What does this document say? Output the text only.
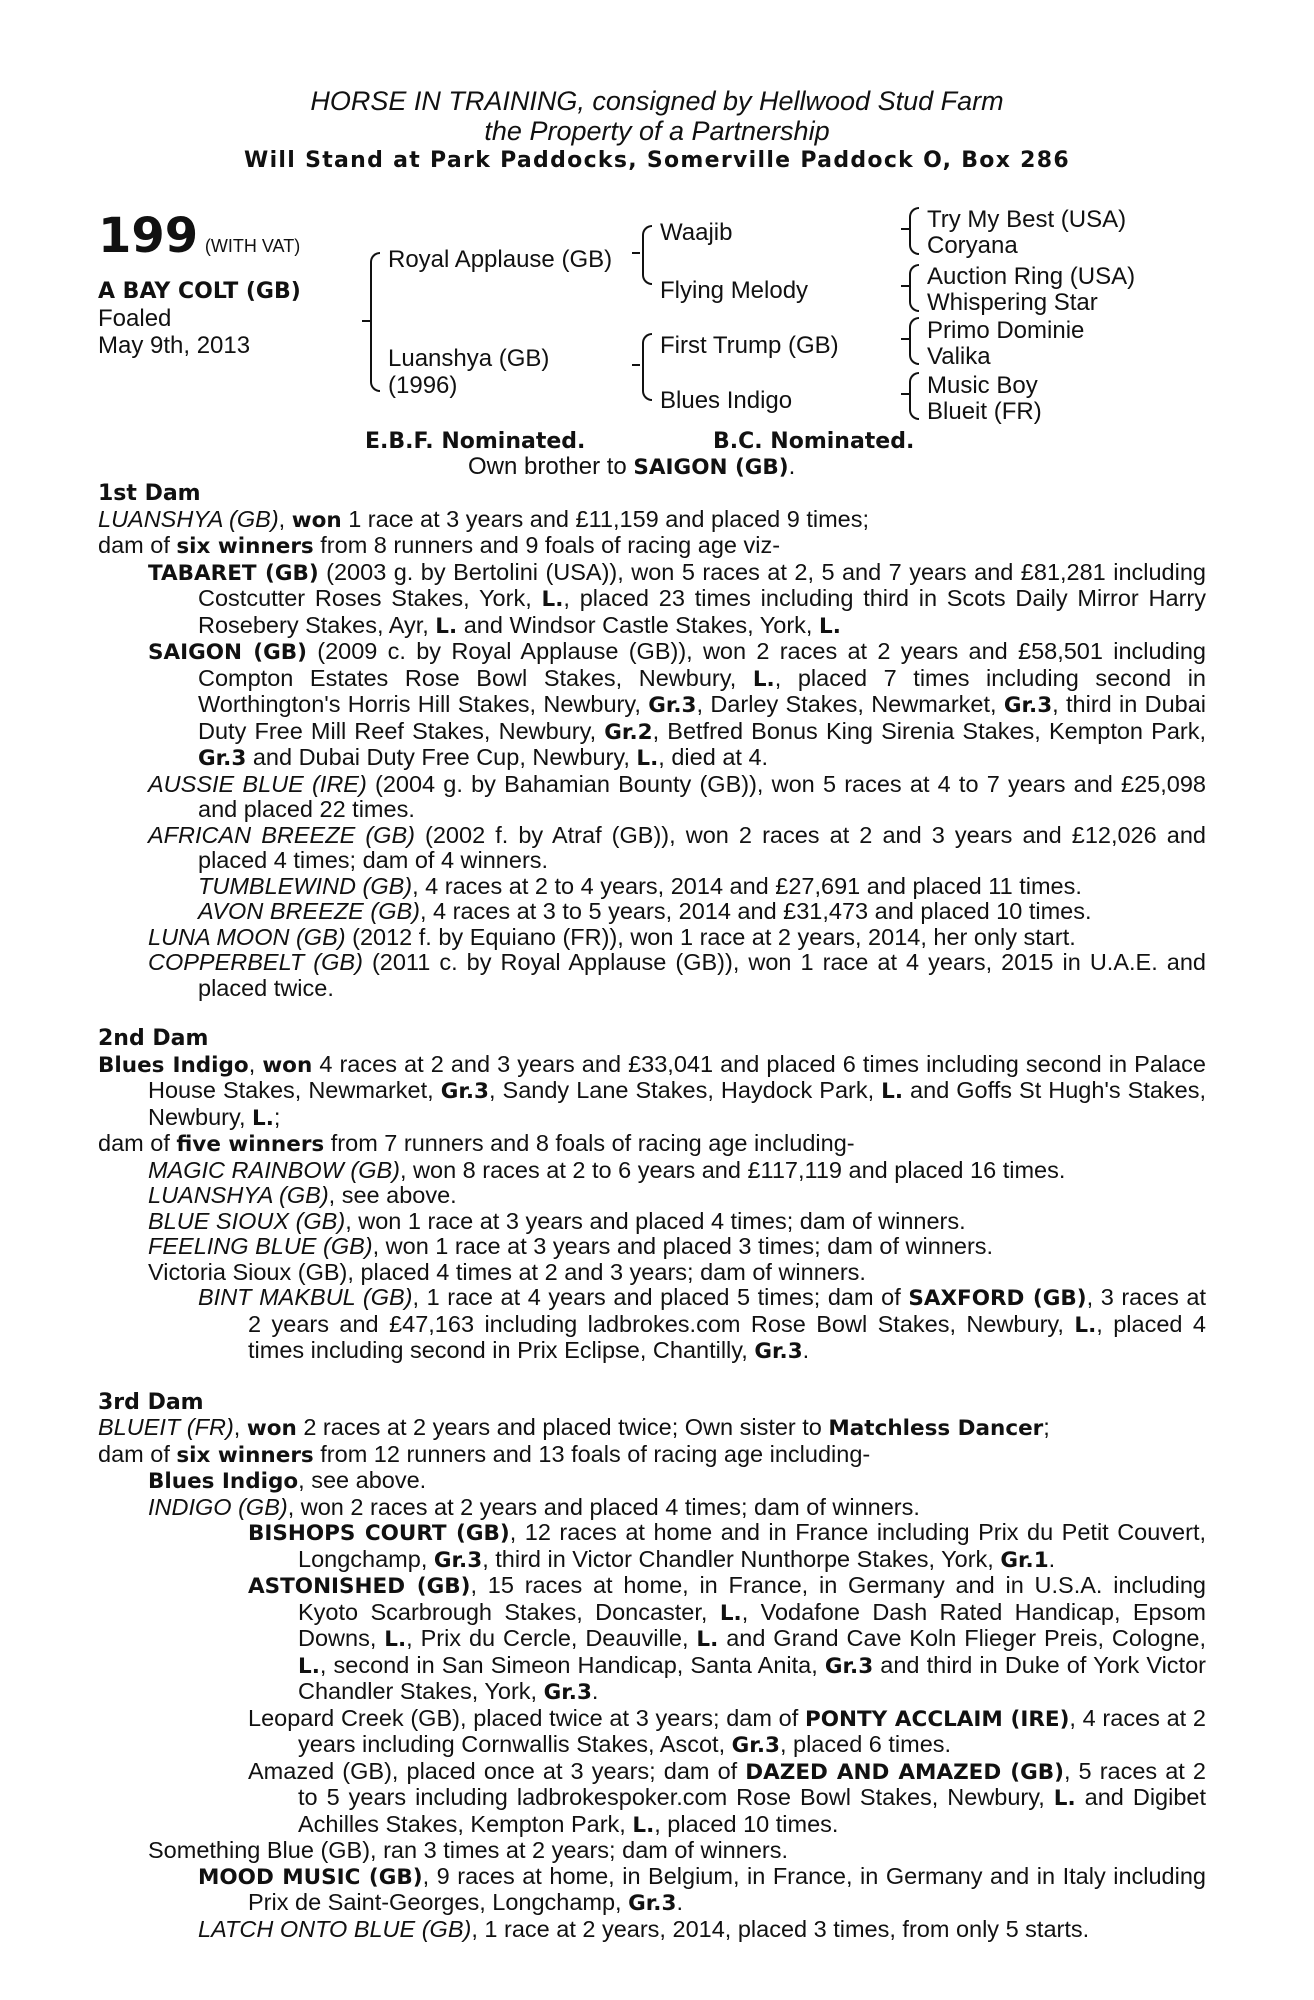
HORSE IN TRAINING, consigned by Hellwood Stud Farm
the Property of a Partnership
Will Stand at Park Paddocks, Somerville Paddock O, Box 286
199 (WITH VAT)
A BAY COLT (GB)
Foaled
May 9th, 2013
Royal Applause (GB)
Luanshya (GB)
(1996)
Waajib
Flying Melody
First Trump (GB)
Blues Indigo
Try My Best (USA)
Coryana
Auction Ring (USA)
Whispering Star
Primo Dominie
Valika
Music Boy
Blueit (FR)
E.B.F. Nominated.	B.C. Nominated.
Own brother to SAIGON (GB).

1st Dam

LUANSHYA (GB), won 1 race at 3 years and £11,159 and placed 9 times;

dam of six winners from 8 runners and 9 foals of racing age viz-

TABARET (GB) (2003 g. by Bertolini (USA)), won 5 races at 2, 5 and 7 years and £81,281 including Costcutter Roses Stakes, York, L., placed 23 times including third in Scots Daily Mirror Harry Rosebery Stakes, Ayr, L. and Windsor Castle Stakes, York, L.

SAIGON (GB) (2009 c. by Royal Applause (GB)), won 2 races at 2 years and £58,501 including Compton Estates Rose Bowl Stakes, Newbury, L., placed 7 times including second in Worthington's Horris Hill Stakes, Newbury, Gr.3, Darley Stakes, Newmarket, Gr.3, third in Dubai Duty Free Mill Reef Stakes, Newbury, Gr.2, Betfred Bonus King Sirenia Stakes, Kempton Park, Gr.3 and Dubai Duty Free Cup, Newbury, L., died at 4.

AUSSIE BLUE (IRE) (2004 g. by Bahamian Bounty (GB)), won 5 races at 4 to 7 years and £25,098 and placed 22 times.

AFRICAN BREEZE (GB) (2002 f. by Atraf (GB)), won 2 races at 2 and 3 years and £12,026 and placed 4 times; dam of 4 winners.

TUMBLEWIND (GB), 4 races at 2 to 4 years, 2014 and £27,691 and placed 11 times.

AVON BREEZE (GB), 4 races at 3 to 5 years, 2014 and £31,473 and placed 10 times.

LUNA MOON (GB) (2012 f. by Equiano (FR)), won 1 race at 2 years, 2014, her only start.

COPPERBELT (GB) (2011 c. by Royal Applause (GB)), won 1 race at 4 years, 2015 in U.A.E. and placed twice.

2nd Dam

Blues Indigo, won 4 races at 2 and 3 years and £33,041 and placed 6 times including second in Palace House Stakes, Newmarket, Gr.3, Sandy Lane Stakes, Haydock Park, L. and Goffs St Hugh's Stakes, Newbury, L.;

dam of five winners from 7 runners and 8 foals of racing age including-

MAGIC RAINBOW (GB), won 8 races at 2 to 6 years and £117,119 and placed 16 times.

LUANSHYA (GB), see above.

BLUE SIOUX (GB), won 1 race at 3 years and placed 4 times; dam of winners.

FEELING BLUE (GB), won 1 race at 3 years and placed 3 times; dam of winners.

Victoria Sioux (GB), placed 4 times at 2 and 3 years; dam of winners.

BINT MAKBUL (GB), 1 race at 4 years and placed 5 times; dam of SAXFORD (GB), 3 races at 2 years and £47,163 including ladbrokes.com Rose Bowl Stakes, Newbury, L., placed 4 times including second in Prix Eclipse, Chantilly, Gr.3.

3rd Dam

BLUEIT (FR), won 2 races at 2 years and placed twice; Own sister to Matchless Dancer;

dam of six winners from 12 runners and 13 foals of racing age including-

Blues Indigo, see above.

INDIGO (GB), won 2 races at 2 years and placed 4 times; dam of winners.

BISHOPS COURT (GB), 12 races at home and in France including Prix du Petit Couvert, Longchamp, Gr.3, third in Victor Chandler Nunthorpe Stakes, York, Gr.1.

ASTONISHED (GB), 15 races at home, in France, in Germany and in U.S.A. including Kyoto Scarbrough Stakes, Doncaster, L., Vodafone Dash Rated Handicap, Epsom Downs, L., Prix du Cercle, Deauville, L. and Grand Cave Koln Flieger Preis, Cologne, L., second in San Simeon Handicap, Santa Anita, Gr.3 and third in Duke of York Victor Chandler Stakes, York, Gr.3.

Leopard Creek (GB), placed twice at 3 years; dam of PONTY ACCLAIM (IRE), 4 races at 2 years including Cornwallis Stakes, Ascot, Gr.3, placed 6 times.

Amazed (GB), placed once at 3 years; dam of DAZED AND AMAZED (GB), 5 races at 2 to 5 years including ladbrokespoker.com Rose Bowl Stakes, Newbury, L. and Digibet Achilles Stakes, Kempton Park, L., placed 10 times.

Something Blue (GB), ran 3 times at 2 years; dam of winners.

MOOD MUSIC (GB), 9 races at home, in Belgium, in France, in Germany and in Italy including Prix de Saint-Georges, Longchamp, Gr.3.

LATCH ONTO BLUE (GB), 1 race at 2 years, 2014, placed 3 times, from only 5 starts.
